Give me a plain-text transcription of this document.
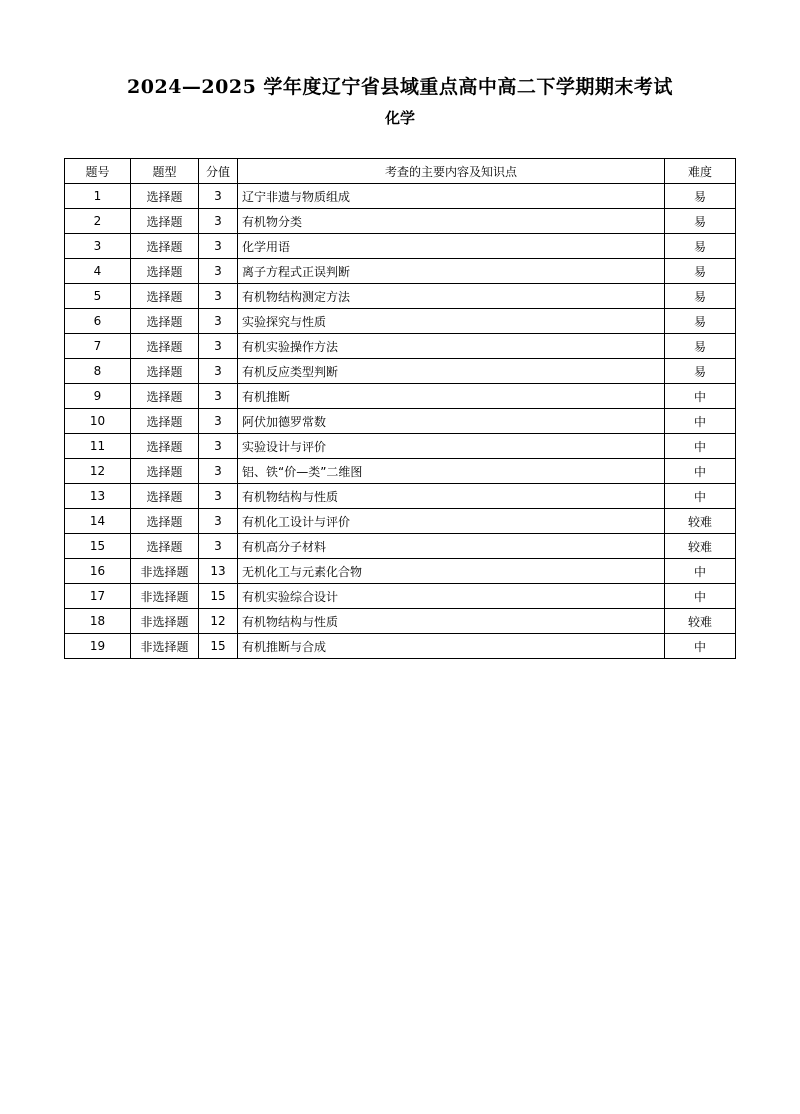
2024—2025 学年度辽宁省县域重点高中高二下学期期末考试
化学
题号	题型	分值	考查的主要内容及知识点	难度
1	选择题	3	辽宁非遗与物质组成	易
2	选择题	3	有机物分类	易
3	选择题	3	化学用语	易
4	选择题	3	离子方程式正误判断	易
5	选择题	3	有机物结构测定方法	易
6	选择题	3	实验探究与性质	易
7	选择题	3	有机实验操作方法	易
8	选择题	3	有机反应类型判断	易
9	选择题	3	有机推断	中
10	选择题	3	阿伏加德罗常数	中
11	选择题	3	实验设计与评价	中
12	选择题	3	铝、铁“价—类”二维图	中
13	选择题	3	有机物结构与性质	中
14	选择题	3	有机化工设计与评价	较难
15	选择题	3	有机高分子材料	较难
16	非选择题	13	无机化工与元素化合物	中
17	非选择题	15	有机实验综合设计	中
18	非选择题	12	有机物结构与性质	较难
19	非选择题	15	有机推断与合成	中
